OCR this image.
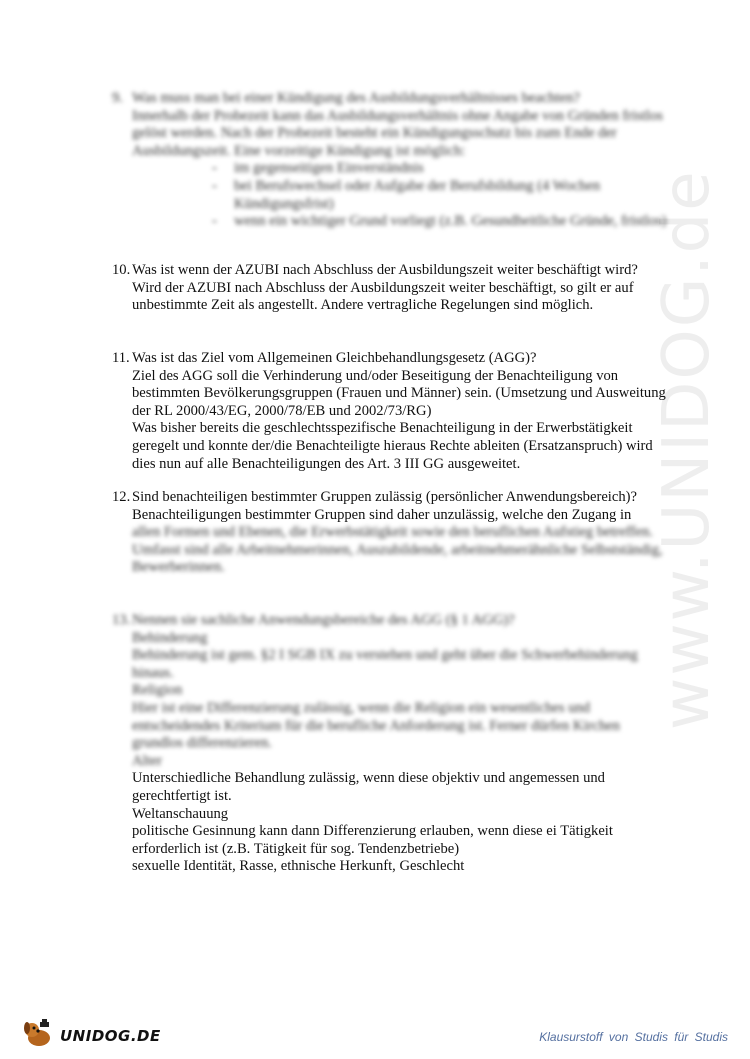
www.UNIDOG.de
9. Was muss man bei einer Kündigung des Ausbildungsverhältnisses beachten?

Innerhalb der Probezeit kann das Ausbildungsverhältnis ohne Angabe von Gründen fristlos gelöst werden. Nach der Probezeit besteht ein Kündigungsschutz bis zum Ende der Ausbildungszeit. Eine vorzeitige Kündigung ist möglich:

- im gegenseitigen Einverständnis
- bei Berufswechsel oder Aufgabe der Berufsbildung (4 Wochen Kündigungsfrist)
- wenn ein wichtiger Grund vorliegt (z.B. Gesundheitliche Gründe, fristlos)
10. Was ist wenn der AZUBI nach Abschluss der Ausbildungszeit weiter beschäftigt wird?

Wird der AZUBI nach Abschluss der Ausbildungszeit weiter beschäftigt, so gilt er auf unbestimmte Zeit als angestellt. Andere vertragliche Regelungen sind möglich.

11. Was ist das Ziel vom Allgemeinen Gleichbehandlungsgesetz (AGG)?

Ziel des AGG soll die Verhinderung und/oder Beseitigung der Benachteiligung von bestimmten Bevölkerungsgruppen (Frauen und Männer) sein. (Umsetzung und Ausweitung der RL 2000/43/EG, 2000/78/EB und 2002/73/RG)

Was bisher bereits die geschlechtsspezifische Benachteiligung in der Erwerbstätigkeit geregelt und konnte der/die Benachteiligte hieraus Rechte ableiten (Ersatzanspruch) wird dies nun auf alle Benachteiligungen des Art. 3 III GG ausgeweitet.

12. Sind benachteiligen bestimmter Gruppen zulässig (persönlicher Anwendungsbereich)?

Benachteiligungen bestimmter Gruppen sind daher unzulässig, welche den Zugang in

allen Formen und Ebenen, die Erwerbstätigkeit sowie den beruflichen Aufstieg betreffen.

Umfasst sind alle Arbeitnehmerinnen, Auszubildende, arbeitnehmerähnliche Selbstständig, Bewerberinnen.

13. Nennen sie sachliche Anwendungsbereiche des AGG (§ 1 AGG)?

Behinderung

Behinderung ist gem. §2 I SGB IX zu verstehen und geht über die Schwerbehinderung hinaus.

Religion

Hier ist eine Differenzierung zulässig, wenn die Religion ein wesentliches und entscheidendes Kriterium für die berufliche Anforderung ist. Ferner dürfen Kirchen grundlos differenzieren.

Alter

Unterschiedliche Behandlung zulässig, wenn diese objektiv und angemessen und gerechtfertigt ist.

Weltanschauung

politische Gesinnung kann dann Differenzierung erlauben, wenn diese ei Tätigkeit erforderlich ist (z.B. Tätigkeit für sog. Tendenzbetriebe)

sexuelle Identität, Rasse, ethnische Herkunft, Geschlecht

UNIDOG.DE	Klausurstoff von Studis für Studis
